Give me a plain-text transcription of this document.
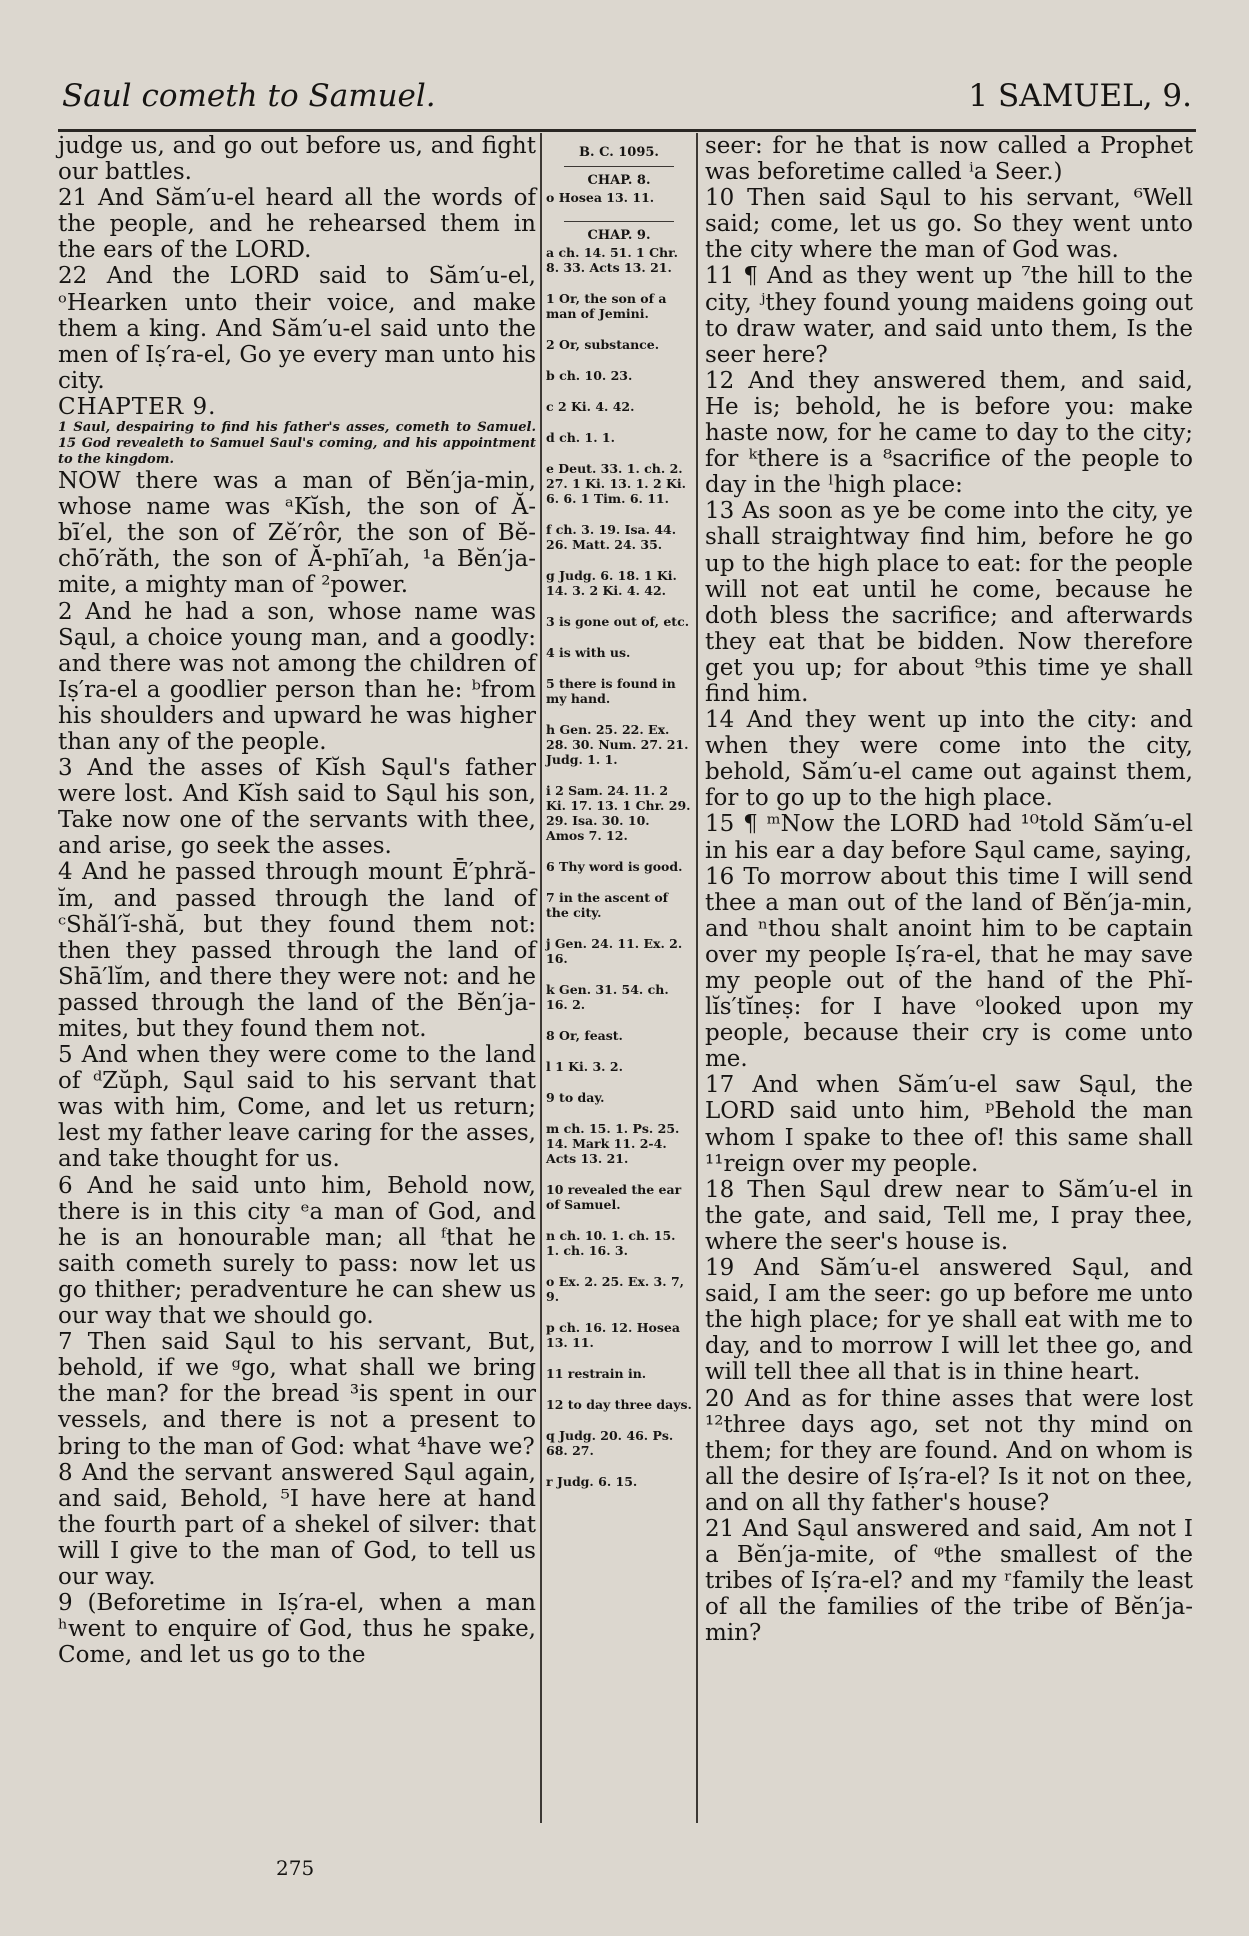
Saul cometh to Samuel.	1 SAMUEL, 9.

judge us, and go out before us, and fight our battles.

21 And Săm′u-el heard all the words of the people, and he rehearsed them in the ears of the LORD.

22 And the LORD said to Săm′u-el, ᵒHearken unto their voice, and make them a king. And Săm′u-el said unto the men of Iṣ′ra-el, Go ye every man unto his city.

CHAPTER 9.

1 Saul, despairing to find his father's asses, cometh to Samuel. 15 God revealeth to Samuel Saul's coming, and his appointment to the kingdom.

NOW there was a man of Bĕn′ja-min, whose name was ᵃKĭsh, the son of Ă-bī′el, the son of Zĕ′rôr, the son of Bĕ-chō′răth, the son of Ă-phī′ah, ¹a Bĕn′ja-mite, a mighty man of ²power.

2 And he had a son, whose name was Sąul, a choice young man, and a goodly: and there was not among the children of Iṣ′ra-el a goodlier person than he: ᵇfrom his shoulders and upward he was higher than any of the people.

3 And the asses of Kĭsh Sąul's father were lost. And Kĭsh said to Sąul his son, Take now one of the servants with thee, and arise, go seek the asses.

4 And he passed through mount Ē′phră-ĭm, and passed through the land of ᶜShăl′ĭ-shă, but they found them not: then they passed through the land of Shā′lĭm, and there they were not: and he passed through the land of the Bĕn′ja-mites, but they found them not.

5 And when they were come to the land of ᵈZŭph, Sąul said to his servant that was with him, Come, and let us return; lest my father leave caring for the asses, and take thought for us.

6 And he said unto him, Behold now, there is in this city ᵉa man of God, and he is an honourable man; all ᶠthat he saith cometh surely to pass: now let us go thither; peradventure he can shew us our way that we should go.

7 Then said Sąul to his servant, But, behold, if we ᵍgo, what shall we bring the man? for the bread ³is spent in our vessels, and there is not a present to bring to the man of God: what ⁴have we?

8 And the servant answered Sąul again, and said, Behold, ⁵I have here at hand the fourth part of a shekel of silver: that will I give to the man of God, to tell us our way.

9 (Beforetime in Iṣ′ra-el, when a man ʰwent to enquire of God, thus he spake, Come, and let us go to the

B. C. 1095.
CHAP. 8.
o Hosea 13. 11.
CHAP. 9.
a ch. 14. 51. 1 Chr. 8. 33. Acts 13. 21.
1 Or, the son of a man of Jemini.
2 Or, substance.
b ch. 10. 23.
c 2 Ki. 4. 42.
d ch. 1. 1.
e Deut. 33. 1. ch. 2. 27. 1 Ki. 13. 1. 2 Ki. 6. 6. 1 Tim. 6. 11.
f ch. 3. 19. Isa. 44. 26. Matt. 24. 35.
g Judg. 6. 18. 1 Ki. 14. 3. 2 Ki. 4. 42.
3 is gone out of, etc.
4 is with us.
5 there is found in my hand.
h Gen. 25. 22. Ex. 28. 30. Num. 27. 21. Judg. 1. 1.
i 2 Sam. 24. 11. 2 Ki. 17. 13. 1 Chr. 29. 29. Isa. 30. 10. Amos 7. 12.
6 Thy word is good.
7 in the ascent of the city.
j Gen. 24. 11. Ex. 2. 16.
k Gen. 31. 54. ch. 16. 2.
8 Or, feast.
l 1 Ki. 3. 2.
9 to day.
m ch. 15. 1. Ps. 25. 14. Mark 11. 2-4. Acts 13. 21.
10 revealed the ear of Samuel.
n ch. 10. 1. ch. 15. 1. ch. 16. 3.
o Ex. 2. 25. Ex. 3. 7, 9.
p ch. 16. 12. Hosea 13. 11.
11 restrain in.
12 to day three days.
q Judg. 20. 46. Ps. 68. 27.
r Judg. 6. 15.

seer: for he that is now called a Prophet was beforetime called ⁱa Seer.)

10 Then said Sąul to his servant, ⁶Well said; come, let us go. So they went unto the city where the man of God was.

11 ¶ And as they went up ⁷the hill to the city, ʲthey found young maidens going out to draw water, and said unto them, Is the seer here?

12 And they answered them, and said, He is; behold, he is before you: make haste now, for he came to day to the city; for ᵏthere is a ⁸sacrifice of the people to day in the ˡhigh place:

13 As soon as ye be come into the city, ye shall straightway find him, before he go up to the high place to eat: for the people will not eat until he come, because he doth bless the sacrifice; and afterwards they eat that be bidden. Now therefore get you up; for about ⁹this time ye shall find him.

14 And they went up into the city: and when they were come into the city, behold, Săm′u-el came out against them, for to go up to the high place.

15 ¶ ᵐNow the LORD had ¹⁰told Săm′u-el in his ear a day before Sąul came, saying,

16 To morrow about this time I will send thee a man out of the land of Bĕn′ja-min, and ⁿthou shalt anoint him to be captain over my people Iṣ′ra-el, that he may save my people out of the hand of the Phĭ-lĭs′tĭneṣ: for I have ᵒlooked upon my people, because their cry is come unto me.

17 And when Săm′u-el saw Sąul, the LORD said unto him, ᵖBehold the man whom I spake to thee of! this same shall ¹¹reign over my people.

18 Then Sąul drew near to Săm′u-el in the gate, and said, Tell me, I pray thee, where the seer's house is.

19 And Săm′u-el answered Sąul, and said, I am the seer: go up before me unto the high place; for ye shall eat with me to day, and to morrow I will let thee go, and will tell thee all that is in thine heart.

20 And as for thine asses that were lost ¹²three days ago, set not thy mind on them; for they are found. And on whom is all the desire of Iṣ′ra-el? Is it not on thee, and on all thy father's house?

21 And Sąul answered and said, Am not I a Bĕn′ja-mite, of ᵠthe smallest of the tribes of Iṣ′ra-el? and my ʳfamily the least of all the families of the tribe of Bĕn′ja-min?

275
